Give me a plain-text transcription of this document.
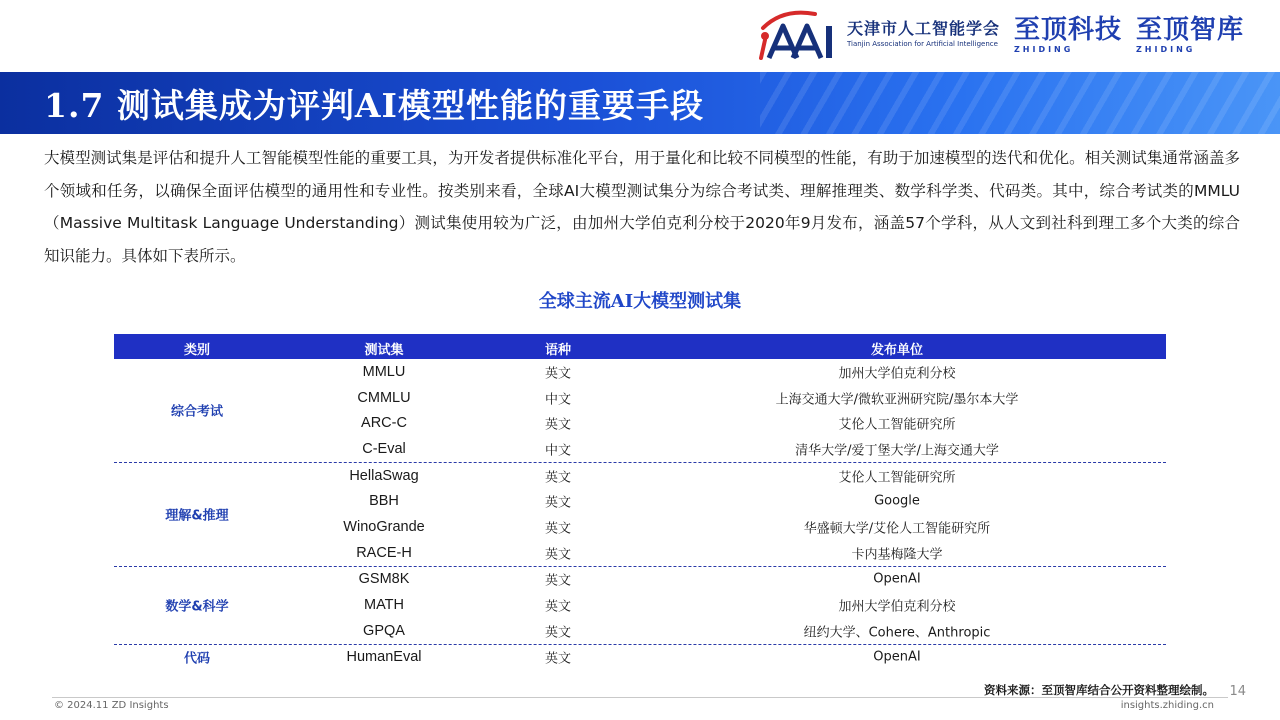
天津市人工智能学会
Tianjin Association for Artificial Intelligence 至顶科技
ZHIDING
至顶智库
ZHIDING
1.7 测试集成为评判AI模型性能的重要手段
大模型测试集是评估和提升人工智能模型性能的重要工具，为开发者提供标准化平台，用于量化和比较不同模型的性能，有助于加速模型的迭代和优化。相关测试集通常涵盖多个领域和任务，以确保全面评估模型的通用性和专业性。按类别来看，全球AI大模型测试集分为综合考试类、理解推理类、数学科学类、代码类。其中，综合考试类的MMLU（Massive Multitask Language Understanding）测试集使用较为广泛，由加州大学伯克利分校于2020年9月发布，涵盖57个学科，从人文到社科到理工多个大类的综合知识能力。具体如下表所示。
全球主流AI大模型测试集
类别	测试集	语种	发布单位
综合考试
MMLU	英文	加州大学伯克利分校
CMMLU	中文	上海交通大学/微软亚洲研究院/墨尔本大学
ARC-C	英文	艾伦人工智能研究所
C-Eval	中文	清华大学/爱丁堡大学/上海交通大学
理解&推理
HellaSwag	英文	艾伦人工智能研究所
BBH	英文	Google
WinoGrande	英文	华盛顿大学/艾伦人工智能研究所
RACE-H	英文	卡内基梅隆大学
数学&科学
GSM8K	英文	OpenAI
MATH	英文	加州大学伯克利分校
GPQA	英文	纽约大学、Cohere、Anthropic
代码	HumanEval	英文	OpenAI
资料来源：至顶智库结合公开资料整理绘制。 14
© 2024.11 ZD Insights	insights.zhiding.cn
